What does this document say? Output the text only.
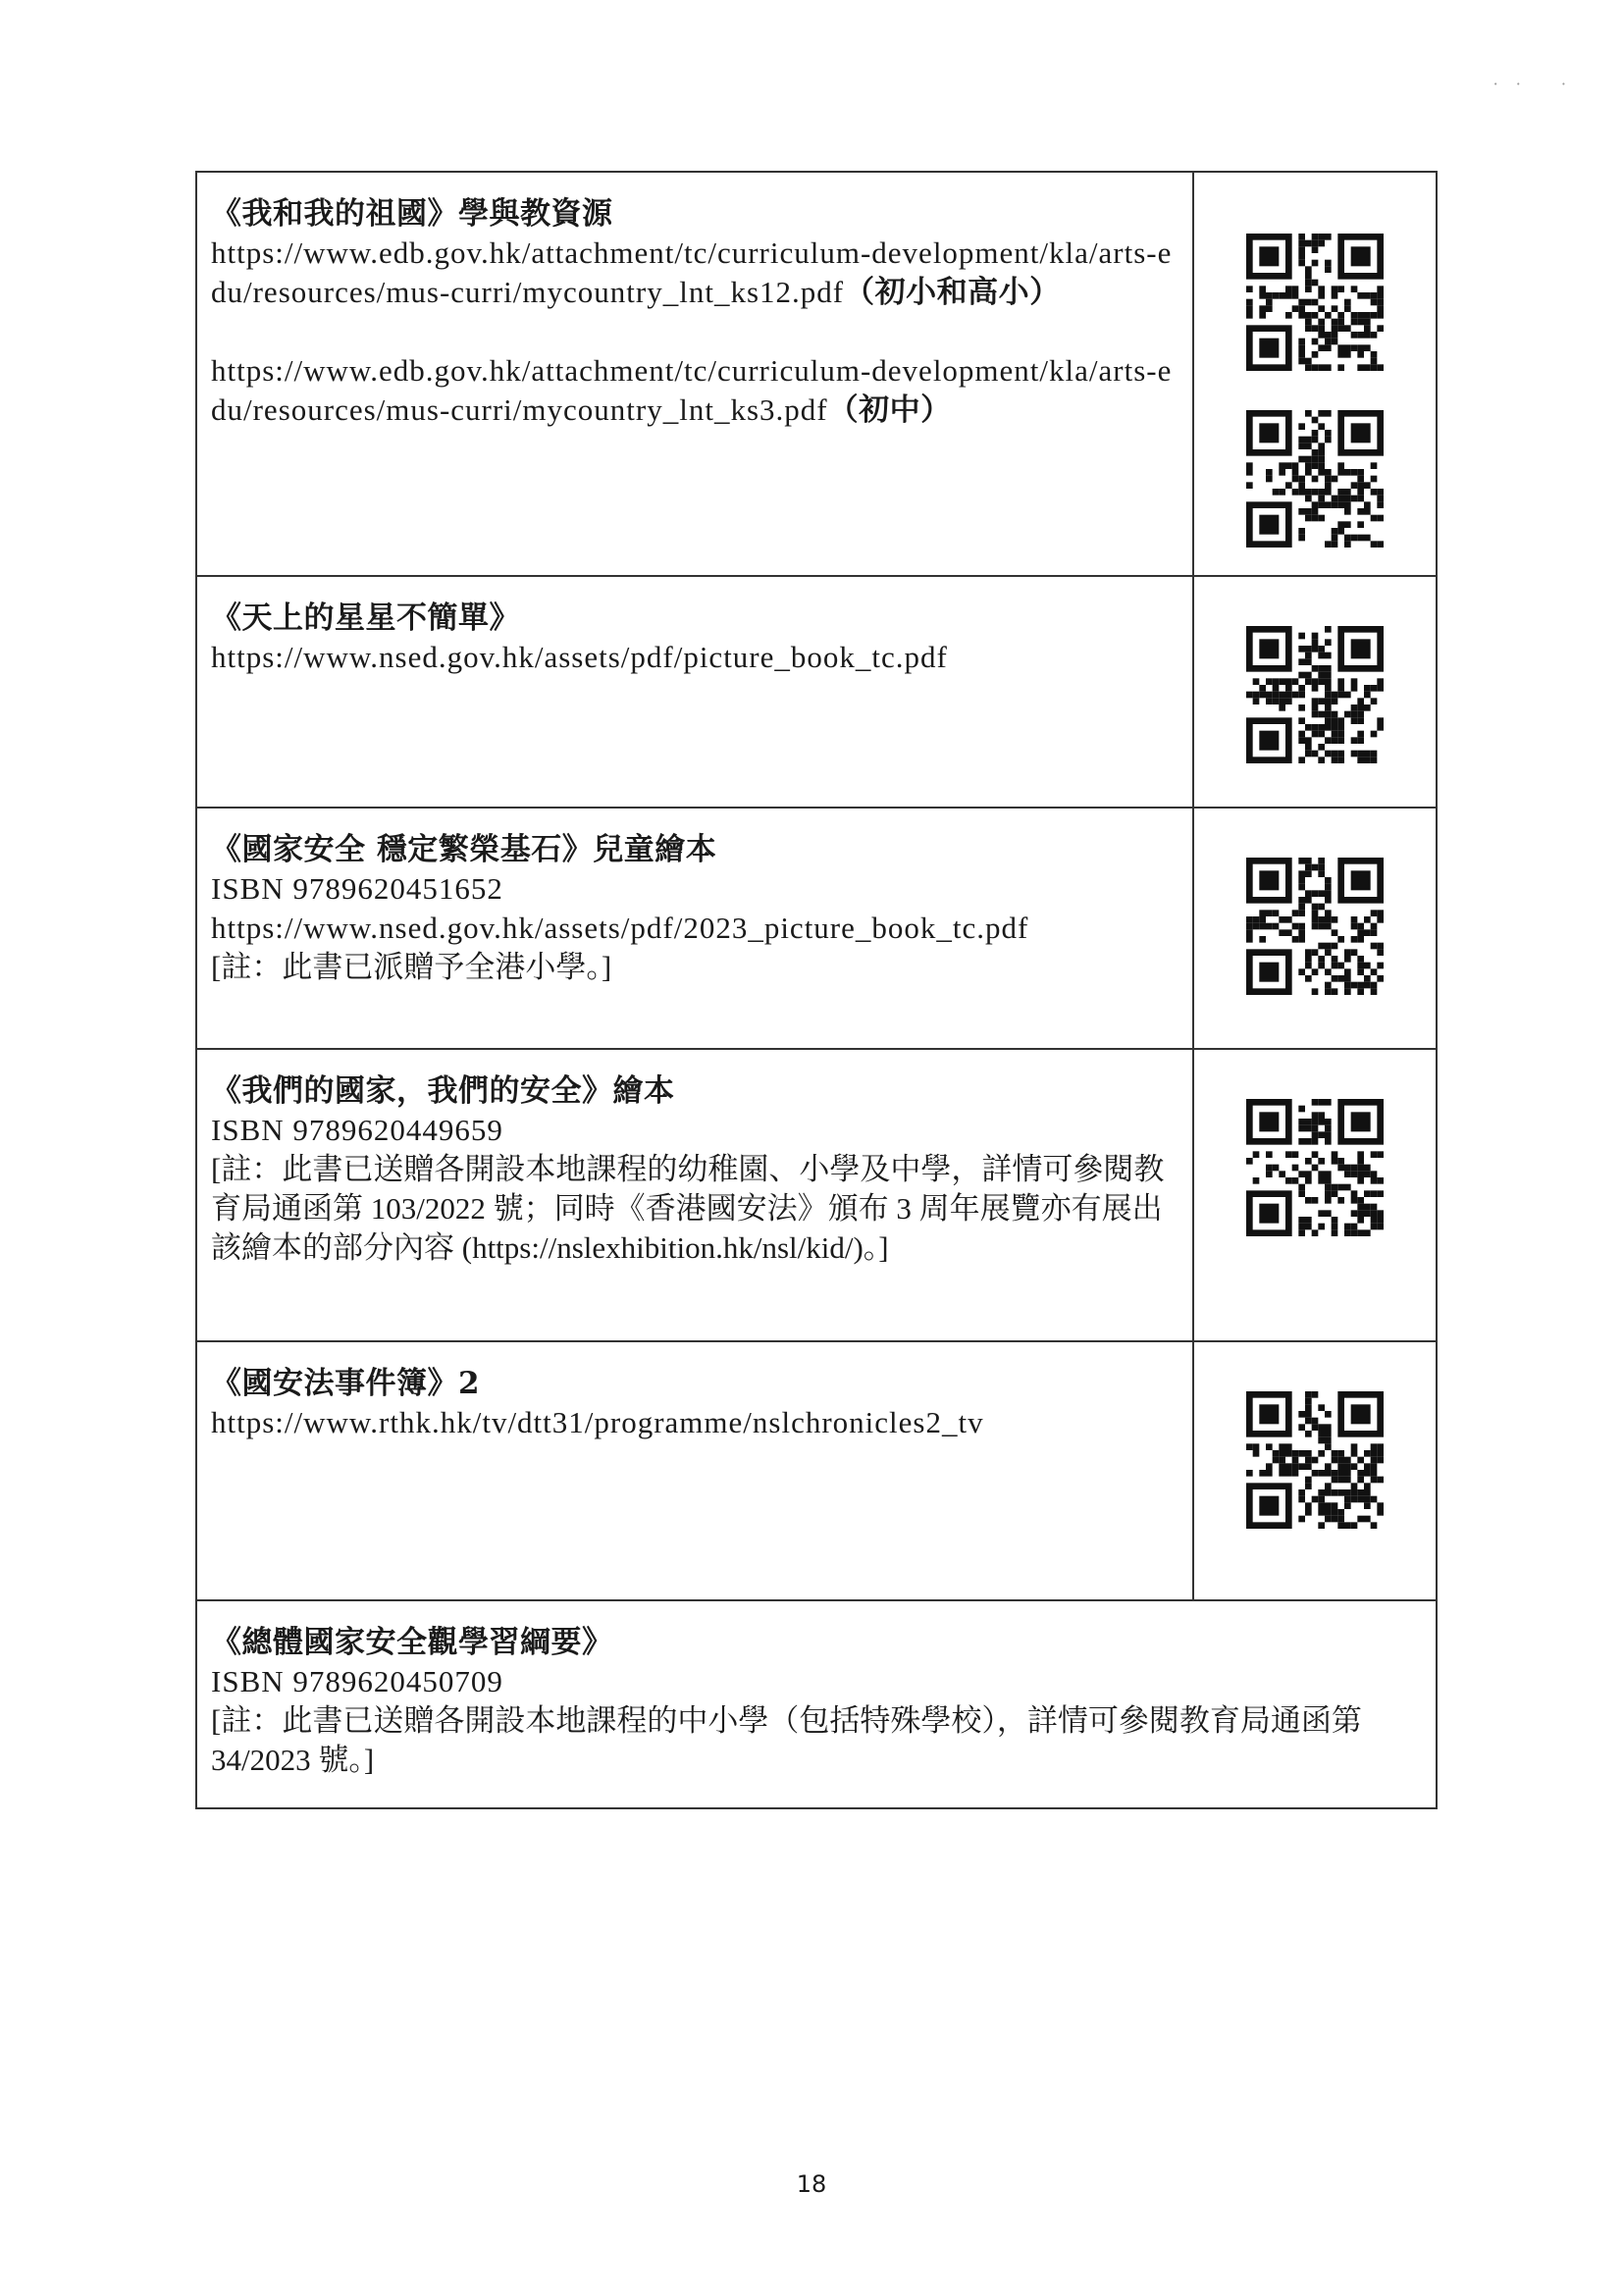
·· ·
《我和我的祖國》學與教資源
https://www.edb.gov.hk/attachment/tc/curriculum-development/kla/arts-edu/resources/mus-curri/mycountry_lnt_ks12.pdf（初小和高小）
https://www.edb.gov.hk/attachment/tc/curriculum-development/kla/arts-edu/resources/mus-curri/mycountry_lnt_ks3.pdf（初中）

《天上的星星不簡單》
https://www.nsed.gov.hk/assets/pdf/picture_book_tc.pdf

《國家安全 穩定繁榮基石》兒童繪本
ISBN 9789620451652
https://www.nsed.gov.hk/assets/pdf/2023_picture_book_tc.pdf
[註：此書已派贈予全港小學。]

《我們的國家，我們的安全》繪本
ISBN 9789620449659
[註：此書已送贈各開設本地課程的幼稚園、小學及中學，詳情可參閱教育局通函第 103/2022 號；同時《香港國安法》頒布 3 周年展覽亦有展出該繪本的部分內容 (https://nslexhibition.hk/nsl/kid/)。]

《國安法事件簿》2
https://www.rthk.hk/tv/dtt31/programme/nslchronicles2_tv

《總體國家安全觀學習綱要》
ISBN 9789620450709
[註：此書已送贈各開設本地課程的中小學（包括特殊學校），詳情可參閱教育局通函第 34/2023 號。]	
18
